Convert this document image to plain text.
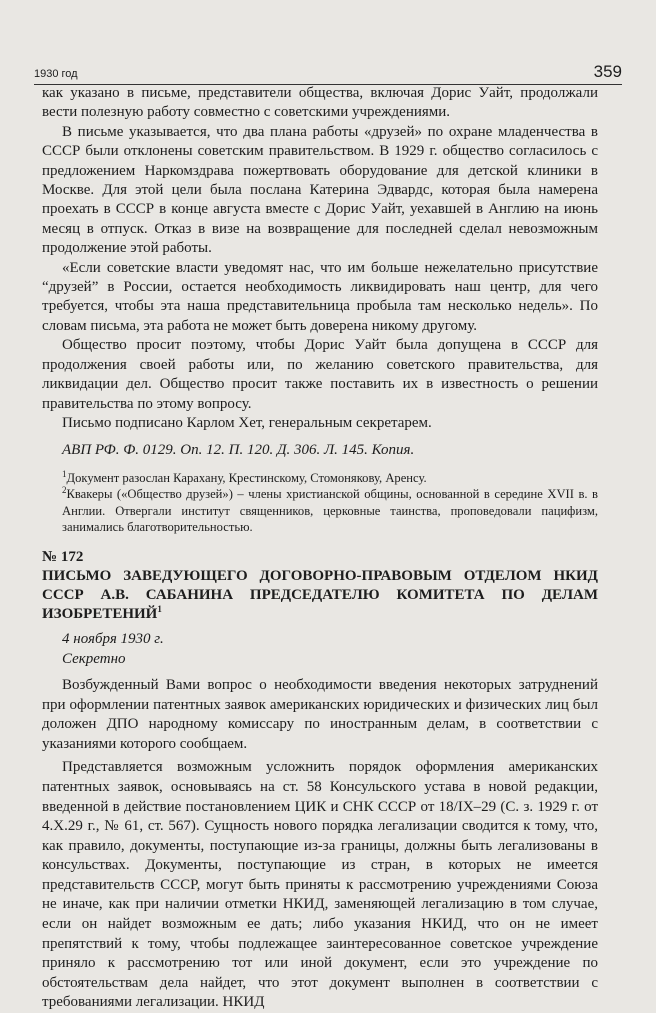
1930 год	359

как указано в письме, представители общества, включая Дорис Уайт, продолжали вести полезную работу совместно с советскими учреждениями.

В письме указывается, что два плана работы «друзей» по охране младенчества в СССР были отклонены советским правительством. В 1929 г. общество согласилось с предложением Наркомздрава пожертвовать оборудование для детской клиники в Москве. Для этой цели была послана Катерина Эдвардс, которая была намерена проехать в СССР в конце августа вместе с Дорис Уайт, уехавшей в Англию на июнь месяц в отпуск. Отказ в визе на возвращение для последней сделал невозможным продолжение этой работы.

«Если советские власти уведомят нас, что им больше нежелательно присутствие “друзей” в России, остается необходимость ликвидировать наш центр, для чего требуется, чтобы эта наша представительница пробыла там несколько недель». По словам письма, эта работа не может быть доверена никому другому.

Общество просит поэтому, чтобы Дорис Уайт была допущена в СССР для продолжения своей работы или, по желанию советского правительства, для ликвидации дел. Общество просит также поставить их в известность о решении правительства по этому вопросу.

Письмо подписано Карлом Хет, генеральным секретарем.

АВП РФ. Ф. 0129. Оп. 12. П. 120. Д. 306. Л. 145. Копия.

$^1$Документ разослан Карахану, Крестинскому, Стомонякову, Аренсу.

$^2$Квакеры («Общество друзей») – члены христианской общины, основанной в середине XVII в. в Англии. Отвергали институт священников, церковные таинства, проповедовали пацифизм, занимались благотворительностью.

№ 172

ПИСЬМО ЗАВЕДУЮЩЕГО ДОГОВОРНО-ПРАВОВЫМ ОТДЕЛОМ НКИД СССР А.В. САБАНИНА ПРЕДСЕДАТЕЛЮ КОМИТЕТА ПО ДЕЛАМ ИЗОБРЕТЕНИЙ$^1$

4 ноября 1930 г.

Секретно

Возбужденный Вами вопрос о необходимости введения некоторых затруднений при оформлении патентных заявок американских юридических и физических лиц был доложен ДПО народному комиссару по иностранным делам, в соответствии с указаниями которого сообщаем.

Представляется возможным усложнить порядок оформления американских патентных заявок, основываясь на ст. 58 Консульского устава в новой редакции, введенной в действие постановлением ЦИК и СНК СССР от 18/IX–29 (С. з. 1929 г. от 4.Х.29 г., № 61, ст. 567). Сущность нового порядка легализации сводится к тому, что, как правило, документы, поступающие из-за границы, должны быть легализованы в консульствах. Документы, поступающие из стран, в которых не имеется представительств СССР, могут быть приняты к рассмотрению учреждениями Союза не иначе, как при наличии отметки НКИД, заменяющей легализацию в том случае, если он найдет возможным ее дать; либо указания НКИД, что он не имеет препятствий к тому, чтобы подлежащее заинтересованное советское учреждение приняло к рассмотрению тот или иной документ, если это учреждение по обстоятельствам дела найдет, что этот документ выполнен в соответствии с требованиями легализации. НКИД
